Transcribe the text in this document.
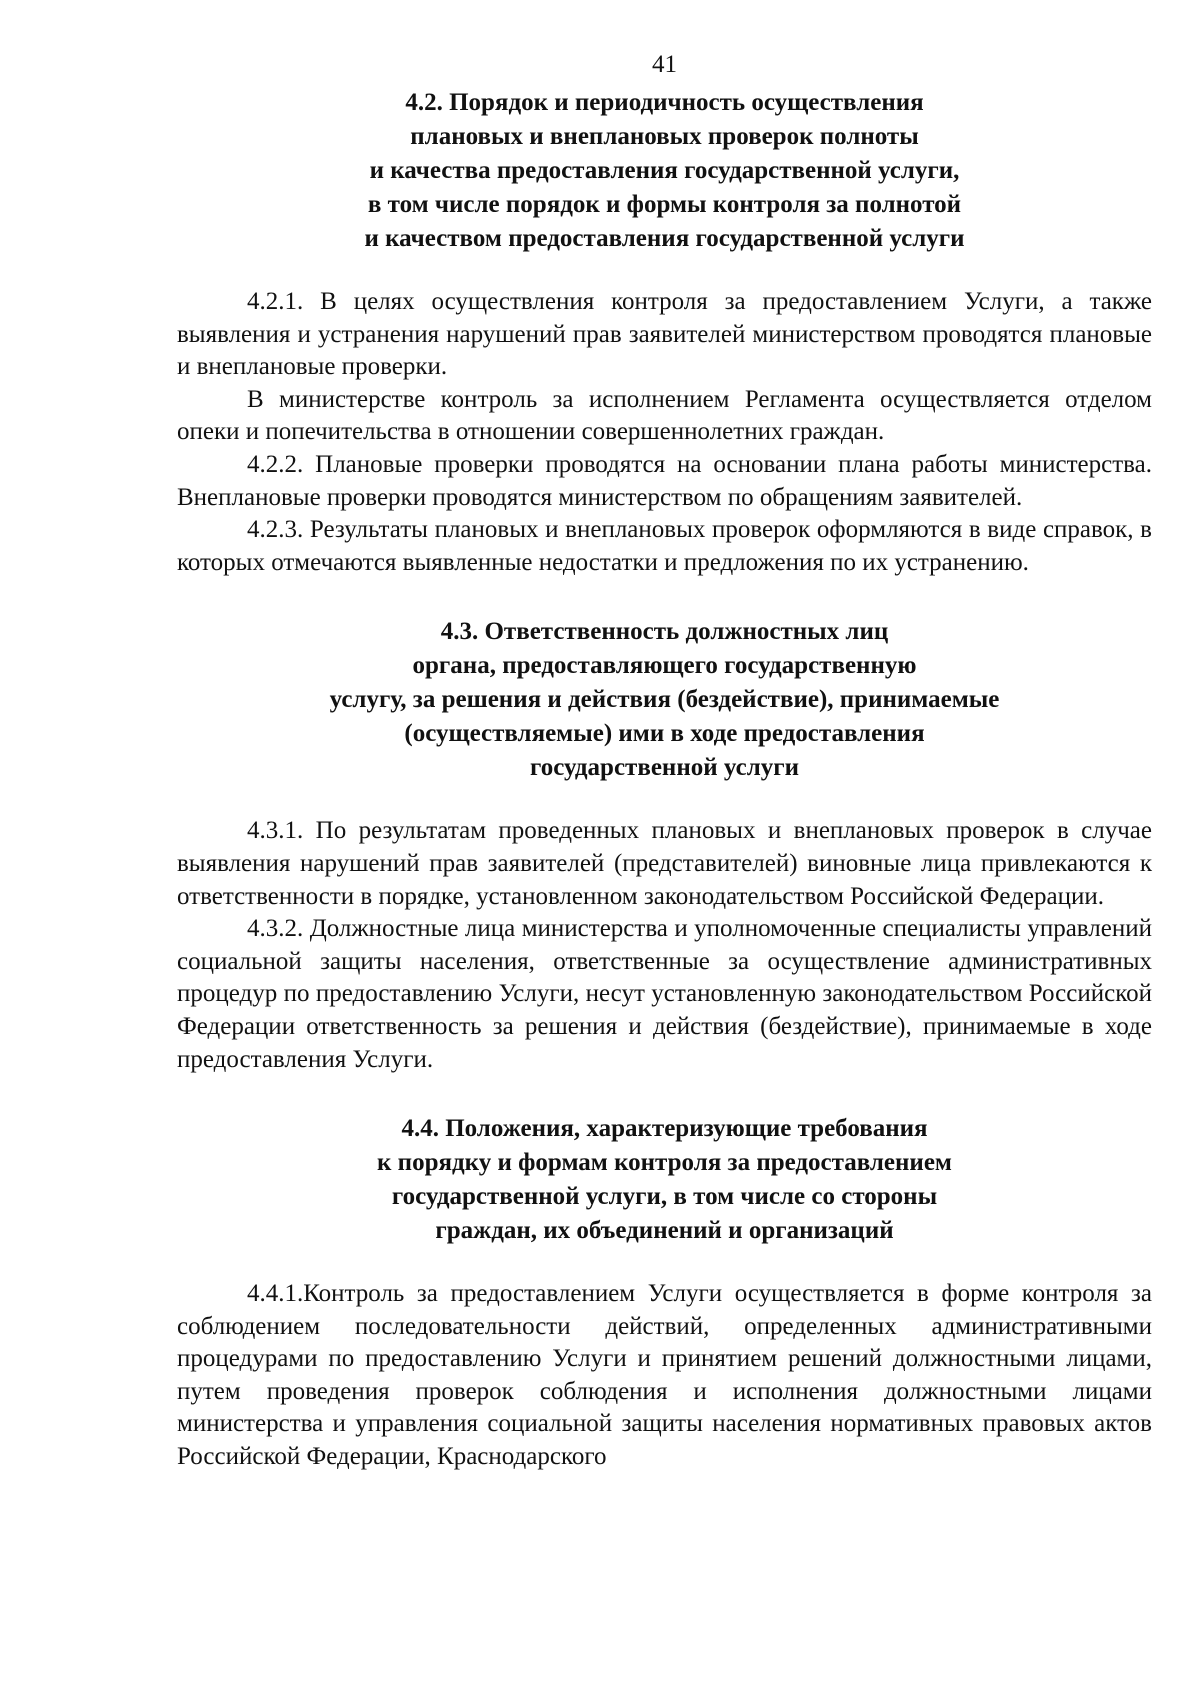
41
4.2. Порядок и периодичность осуществления
плановых и внеплановых проверок полноты
и качества предоставления государственной услуги,
в том числе порядок и формы контроля за полнотой
и качеством предоставления государственной услуги

4.2.1. В целях осуществления контроля за предоставлением Услуги, а также выявления и устранения нарушений прав заявителей министерством проводятся плановые и внеплановые проверки.

В министерстве контроль за исполнением Регламента осуществляется отделом опеки и попечительства в отношении совершеннолетних граждан.

4.2.2. Плановые проверки проводятся на основании плана работы министерства. Внеплановые проверки проводятся министерством по обращениям заявителей.

4.2.3. Результаты плановых и внеплановых проверок оформляются в виде справок, в которых отмечаются выявленные недостатки и предложения по их устранению.

4.3. Ответственность должностных лиц
органа, предоставляющего государственную
услугу, за решения и действия (бездействие), принимаемые
(осуществляемые) ими в ходе предоставления
государственной услуги

4.3.1. По результатам проведенных плановых и внеплановых проверок в случае выявления нарушений прав заявителей (представителей) виновные лица привлекаются к ответственности в порядке, установленном законодательством Российской Федерации.

4.3.2. Должностные лица министерства и уполномоченные специалисты управлений социальной защиты населения, ответственные за осуществление административных процедур по предоставлению Услуги, несут установленную законодательством Российской Федерации ответственность за решения и действия (бездействие), принимаемые в ходе предоставления Услуги.

4.4. Положения, характеризующие требования
к порядку и формам контроля за предоставлением
государственной услуги, в том числе со стороны
граждан, их объединений и организаций

4.4.1.Контроль за предоставлением Услуги осуществляется в форме контроля за соблюдением последовательности действий, определенных административными процедурами по предоставлению Услуги и принятием решений должностными лицами, путем проведения проверок соблюдения и исполнения должностными лицами министерства и управления социальной защиты населения нормативных правовых актов Российской Федерации, Краснодарского
